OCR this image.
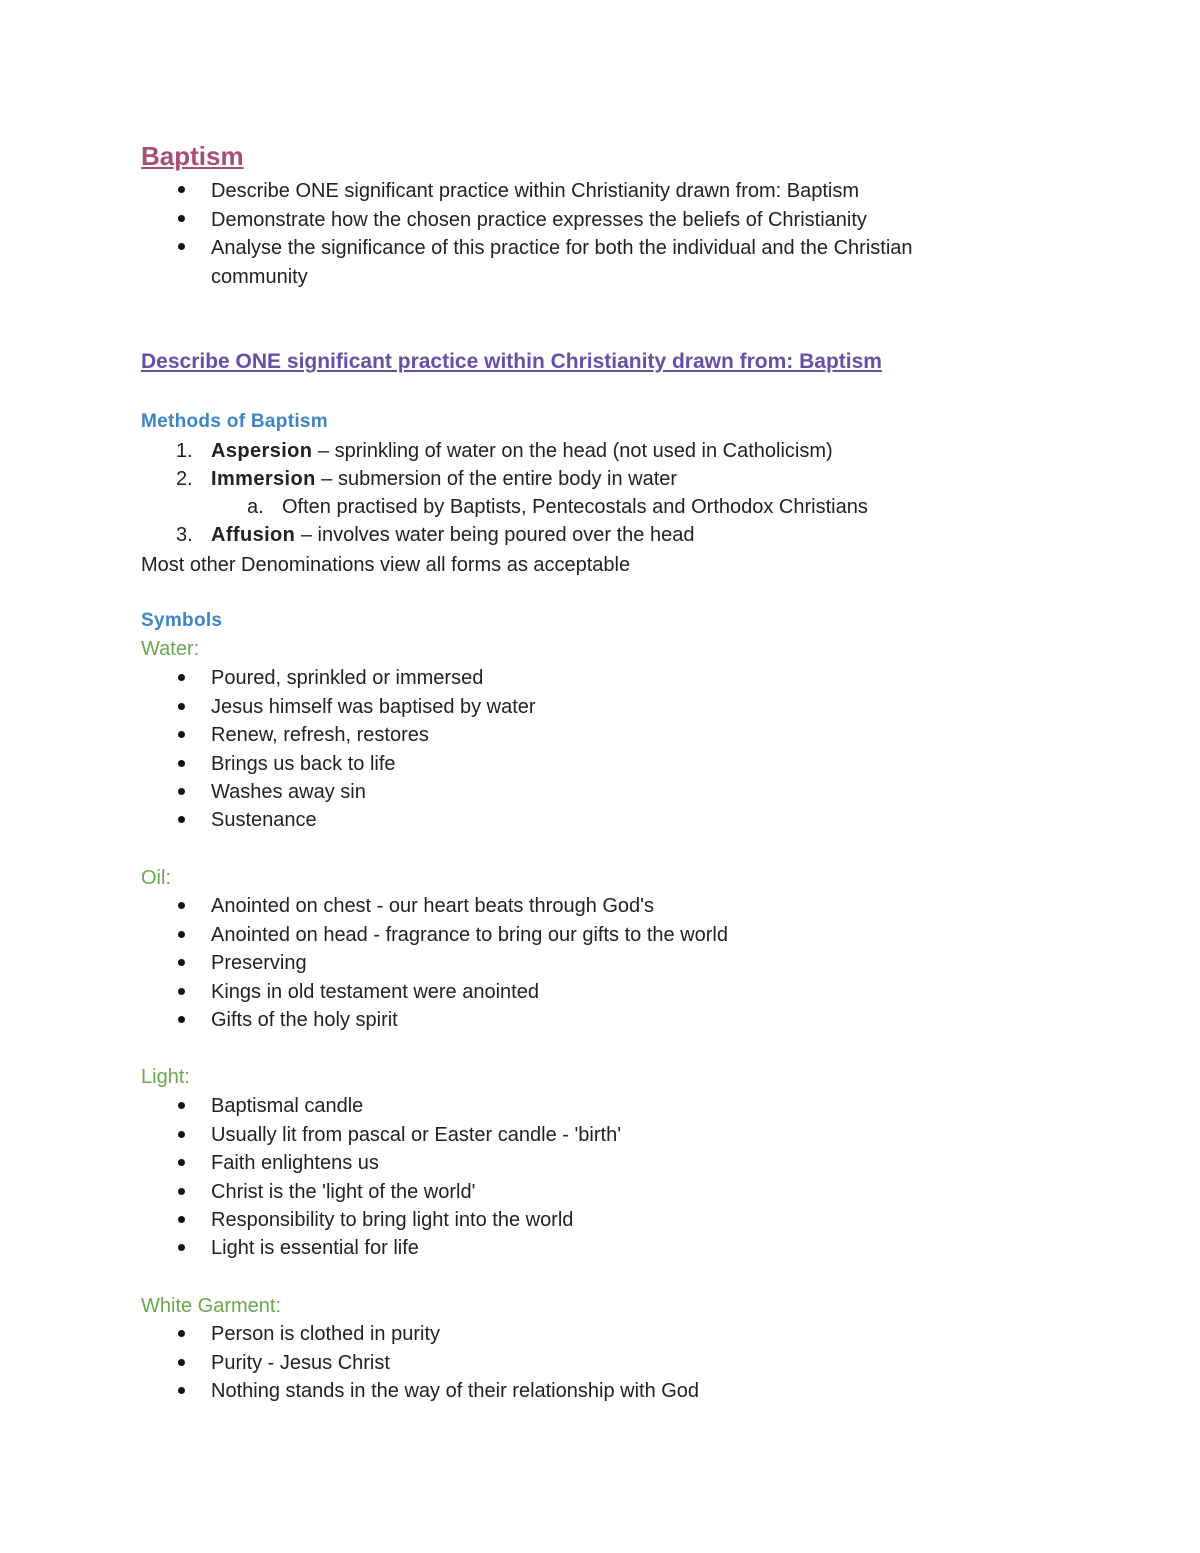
Baptism
Describe ONE significant practice within Christianity drawn from: Baptism
Demonstrate how the chosen practice expresses the beliefs of Christianity
Analyse the significance of this practice for both the individual and the Christian
community
Describe ONE significant practice within Christianity drawn from: Baptism
Methods of Baptism
1. Aspersion – sprinkling of water on the head (not used in Catholicism)
2. Immersion – submersion of the entire body in water
a. Often practised by Baptists, Pentecostals and Orthodox Christians
3. Affusion – involves water being poured over the head
Most other Denominations view all forms as acceptable
Symbols
Water:
Poured, sprinkled or immersed
Jesus himself was baptised by water
Renew, refresh, restores
Brings us back to life
Washes away sin
Sustenance
Oil:
Anointed on chest - our heart beats through God's
Anointed on head - fragrance to bring our gifts to the world
Preserving
Kings in old testament were anointed
Gifts of the holy spirit
Light:
Baptismal candle
Usually lit from pascal or Easter candle - 'birth'
Faith enlightens us
Christ is the 'light of the world'
Responsibility to bring light into the world
Light is essential for life
White Garment:
Person is clothed in purity
Purity - Jesus Christ
Nothing stands in the way of their relationship with God
